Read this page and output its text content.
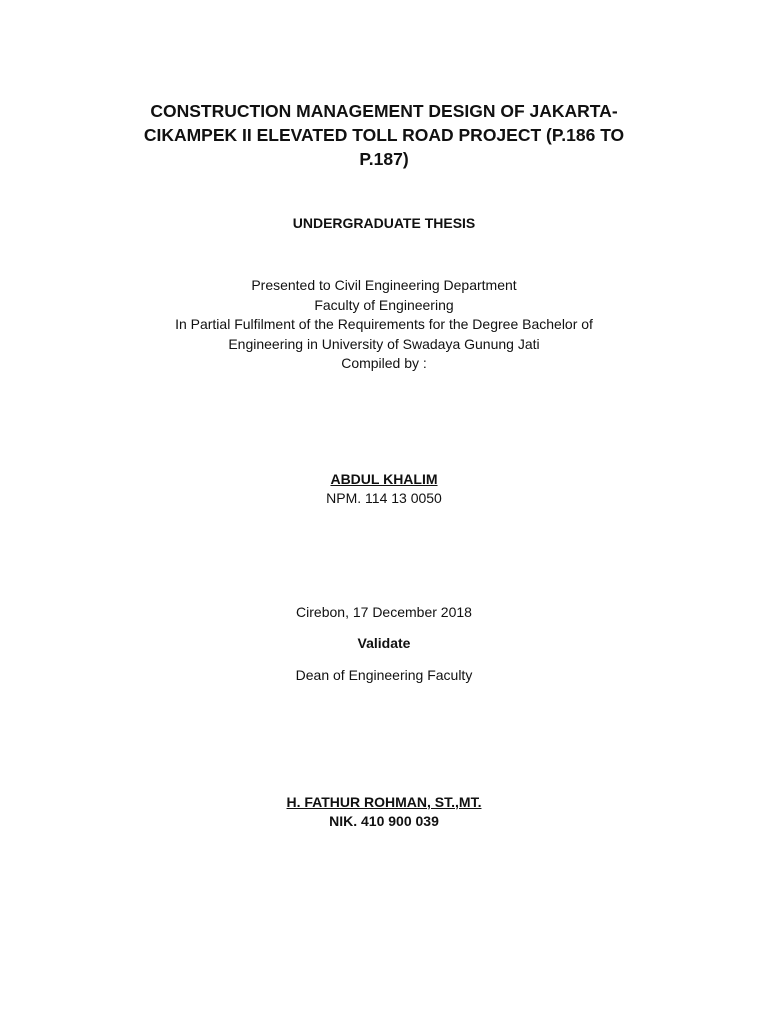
CONSTRUCTION MANAGEMENT DESIGN OF JAKARTA-
CIKAMPEK II ELEVATED TOLL ROAD PROJECT (P.186 TO
P.187)
UNDERGRADUATE THESIS
Presented to Civil Engineering Department
Faculty of Engineering
In Partial Fulfilment of the Requirements for the Degree Bachelor of
Engineering in University of Swadaya Gunung Jati
Compiled by :
ABDUL KHALIM
NPM. 114 13 0050
Cirebon, 17 December 2018
Validate
Dean of Engineering Faculty
H. FATHUR ROHMAN, ST.,MT.
NIK. 410 900 039
